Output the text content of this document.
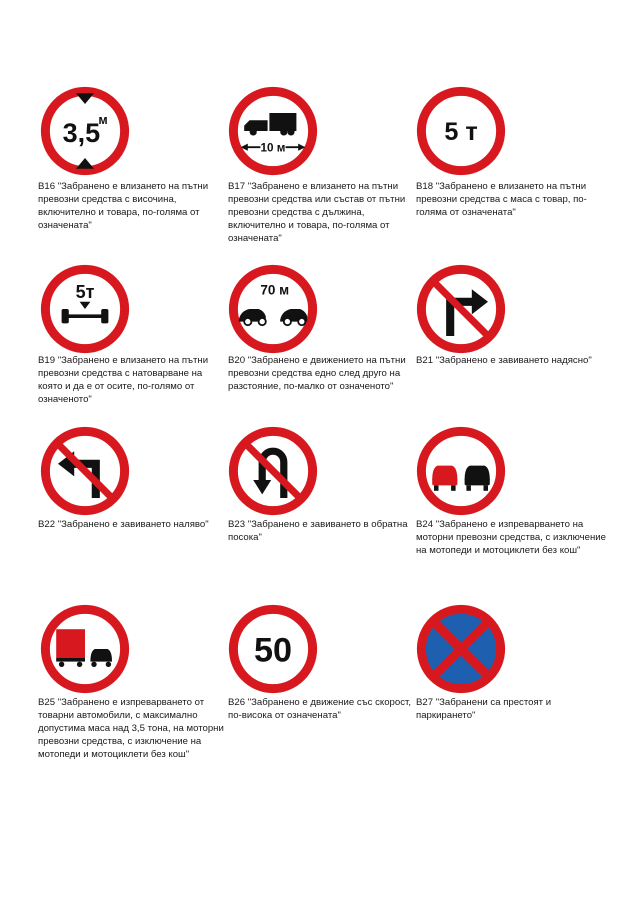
3,5
м
В16 "Забранено е влизането на пътни превозни средства с височина, включително и товара, по-голяма от означената"
10 м
В17 "Забранено е влизането на пътни превозни средства или състав от пътни превозни средства с дължина, включително и товара, по-голяма от означената"
5 т
В18 "Забранено е влизането на пътни превозни средства с маса с товар, по-голяма от означената"
5т
В19 "Забранено е влизането на пътни превозни средства с натоварване на която и да е от осите, по-голямо от означеното"
70 м
В20 "Забранено е движението на пътни превозни средства едно след друго на разстояние, по-малко от означеното"
В21 "Забранено е завиването надясно"
В22 "Забранено е завиването наляво"	В23 "Забранено е завиването в обратна посока"
В24 "Забранено е изпреварването на моторни превозни средства, с изключение на мотопеди и мотоциклети без кош"
В25 "Забранено е изпреварването от товарни автомобили, с максимално допустима маса над 3,5 тона, на моторни превозни средства, с изключение на мотопеди и мотоциклети без кош"
50
В26 "Забранено е движение със скорост, по-висока от означената"
В27 "Забранени са престоят и паркирането"
